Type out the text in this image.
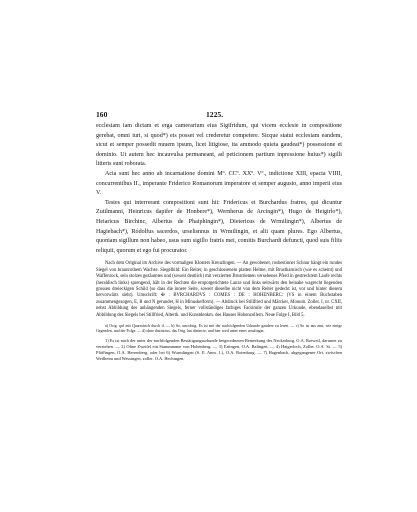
160	1225.

ecclesiam iam dictam et erga camerarium eius Sigifridum, qui vicem ecclesie in compositione gerebat, omni iuri, si quod*) eis posset vel crederetur competere. Sicque statui ecclesiam eandem, sicut et semper possedit nuuem ipsum, licet litigiose, ita ammodo quieta gaudeat*) possessione et dominio. Ut autem hec incauvulsa permaneant, ad peticionem partium inpressione huius*) sigilli litteris sunt roborata.

Acta sunt hec anno ab incarnatione domini Mº. CCº. XXº. Vº., indictione XIII, epacta VIIII, concurrentibus II., imperante Friderico Romanorum imperatore et semper augusto, anno imperii eius V.

Testes qui interrerant compositioni sunt hii: Fridericus et Burchardus fratres, qui dicuntur Zutilmanni, Heinricus dapifer de Honbere*), Wernherus de Arcingin*), Hugo de Heigirlo*), Heiaricus Birchinc, Albertus de Phaiphingin*), Dietericus de Wrmilingin*), Albertus de Hagiebach*), Ródolfus sacerdos, urselisnnus in Wrmilingin, et alii quam plures. Ego Albertus, quoniam sigillum non habeo, usus sum sigillo fratris mei, comitis Burchardi defuncti, quod suis filiis reliquit, quorum et ego fui procurator.

Nach dem Original im Archive des vormaligen Klosters Kreuzlingen. — An gewobener, rosbestinner Schnur hängt ein rundes Siegel von braunrothem Wachse. Siegelbild: Ein Reiter, in geschlossenem platten Helme, mit Brustharnisch (wie es scheint) und Waffenrock, sein stolzes gezäumtes und (soweit deutlich) mit verzierten Brustriemen versehenes Pferd in gestrecktem Laufe rechts (heraldisch links) sprengend, hält in der Rechten die emporgerichtete Lanze und links seitwärts den beinahe wagrecht liegenden grossen dreieckigen Schild (so dass die innere Seite, soweit dieselbe nicht von dem Reiter gedeckt ist, vor und hinter diesem hervorwärts sieht). Umschrift: ✠ : BVRCHARDVS : COMES : DE : HOHENBERC: (VS in einem Buchstaben zusammengezogen, E, R und N gerundet, H in Minuskelform). — Abdruck bei Stillfried und Märcker, Monum. Zoller. I, nr. CXII, nebst Abbildung des anhängenden Siegels, ferner vollständiges farbiges Facsimile der ganzen Urkunde, ebendaselbst mit Abbildung des Siegels bei Stillfried, Alterth. und Kunstdenkm. des Hauses Hohenzollern. Neue Folge I, Bild 5.

a) Orig. quf mit Quarsstrich durch d. — b) So, unrichtig. Es ist mit der nachfolgenden Urkunde gaudere zu lesen. — c) So ist aus amt, wie einige Gegenden, und der Folge. — d) ohne distinctus, das Orig. hat distincte, und hier wird unter eines ursulingin.

1) Es ist nach der unter der nachfolgenden Bestätigungsurkunde beigeordneten Bemerkung des Neckarburg, O.A. Rotweil, darunter zu verstehen. — 2) Ohne Zweifel ein Stammname von Hohenberg. — 3) Ertingen, O.A. Balingen. — 4) Haigerloch, Zoller. O.A. St. — 5) Pfäffingen, O.A. Herrenberg, oder bei 6) Wurmlingen (S. E. Anm. 1.), O.A. Rotenburg. — 7) Hagenbach, abgegangener Ort, zwischen Weilheim und Wessingen, zoller. O.A. Hechingen.
